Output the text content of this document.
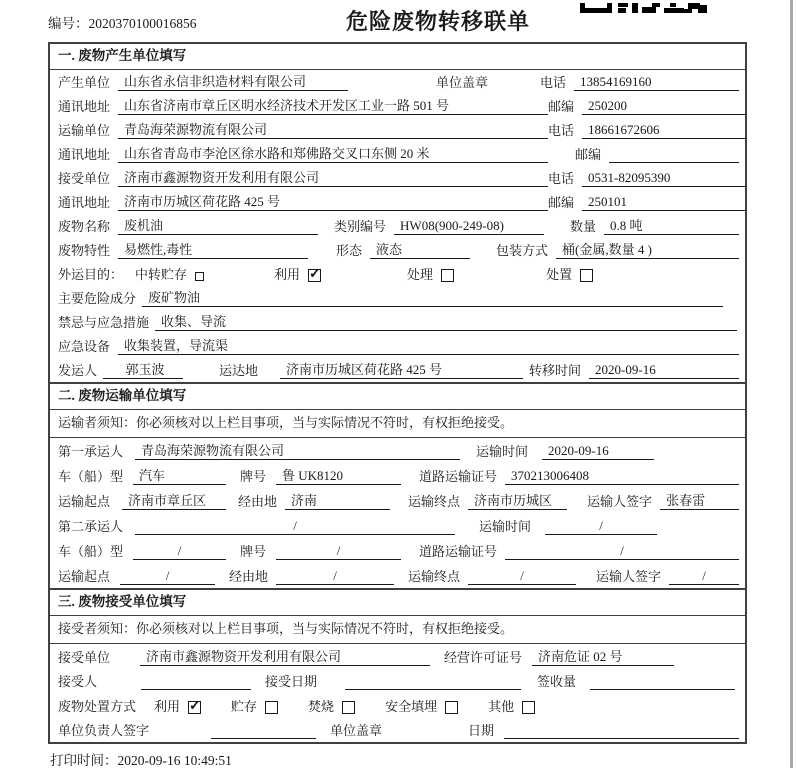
编号：2020370100016856	危险废物转移联单
一. 废物产生单位填写
产生单位	山东省永信非织造材料有限公司	单位盖章	电话	13854169160
通讯地址	山东省济南市章丘区明水经济技术开发区工业一路 501 号	邮编	250200
运输单位	青岛海荣源物流有限公司	电话	18661672606
通讯地址	山东省青岛市李沧区徐水路和郑佛路交叉口东侧 20 米	邮编
接受单位	济南市鑫源物资开发利用有限公司	电话	0531-82095390
通讯地址	济南市历城区荷花路 425 号	邮编	250101
废物名称	废机油	类别编号	HW08(900-249-08)	数量	0.8 吨
废物特性	易燃性,毒性	形态	液态	包装方式	桶(金属,数量 4 )
外运目的： 中转贮存	利用 ✓	处理	处置
主要危险成分 废矿物油
禁忌与应急措施 收集、导流
应急设备	收集装置，导流渠
发运人	郭玉波	运达地	济南市历城区荷花路 425 号	转移时间	2020-09-16
二. 废物运输单位填写
运输者须知：你必须核对以上栏目事项，当与实际情况不符时，有权拒绝接受。
第一承运人	青岛海荣源物流有限公司	运输时间	2020-09-16
车（船）型	汽车	牌号	鲁 UK8120	道路运输证号	370213006408
运输起点	济南市章丘区	经由地	济南	运输终点	济南市历城区	运输人签字	张春雷
第二承运人	/	运输时间	/
车（船）型	/	牌号	/	道路运输证号	/
运输起点	/	经由地	/	运输终点	/	运输人签字	/
三. 废物接受单位填写
接受者须知：你必须核对以上栏目事项，当与实际情况不符时，有权拒绝接受。
接受单位	济南市鑫源物资开发利用有限公司	经营许可证号	济南危证 02 号
接受人	接受日期	签收量
废物处置方式 利用 ✓	贮存	焚烧	安全填埋	其他
单位负责人签字	单位盖章	日期
打印时间：2020-09-16 10:49:51
